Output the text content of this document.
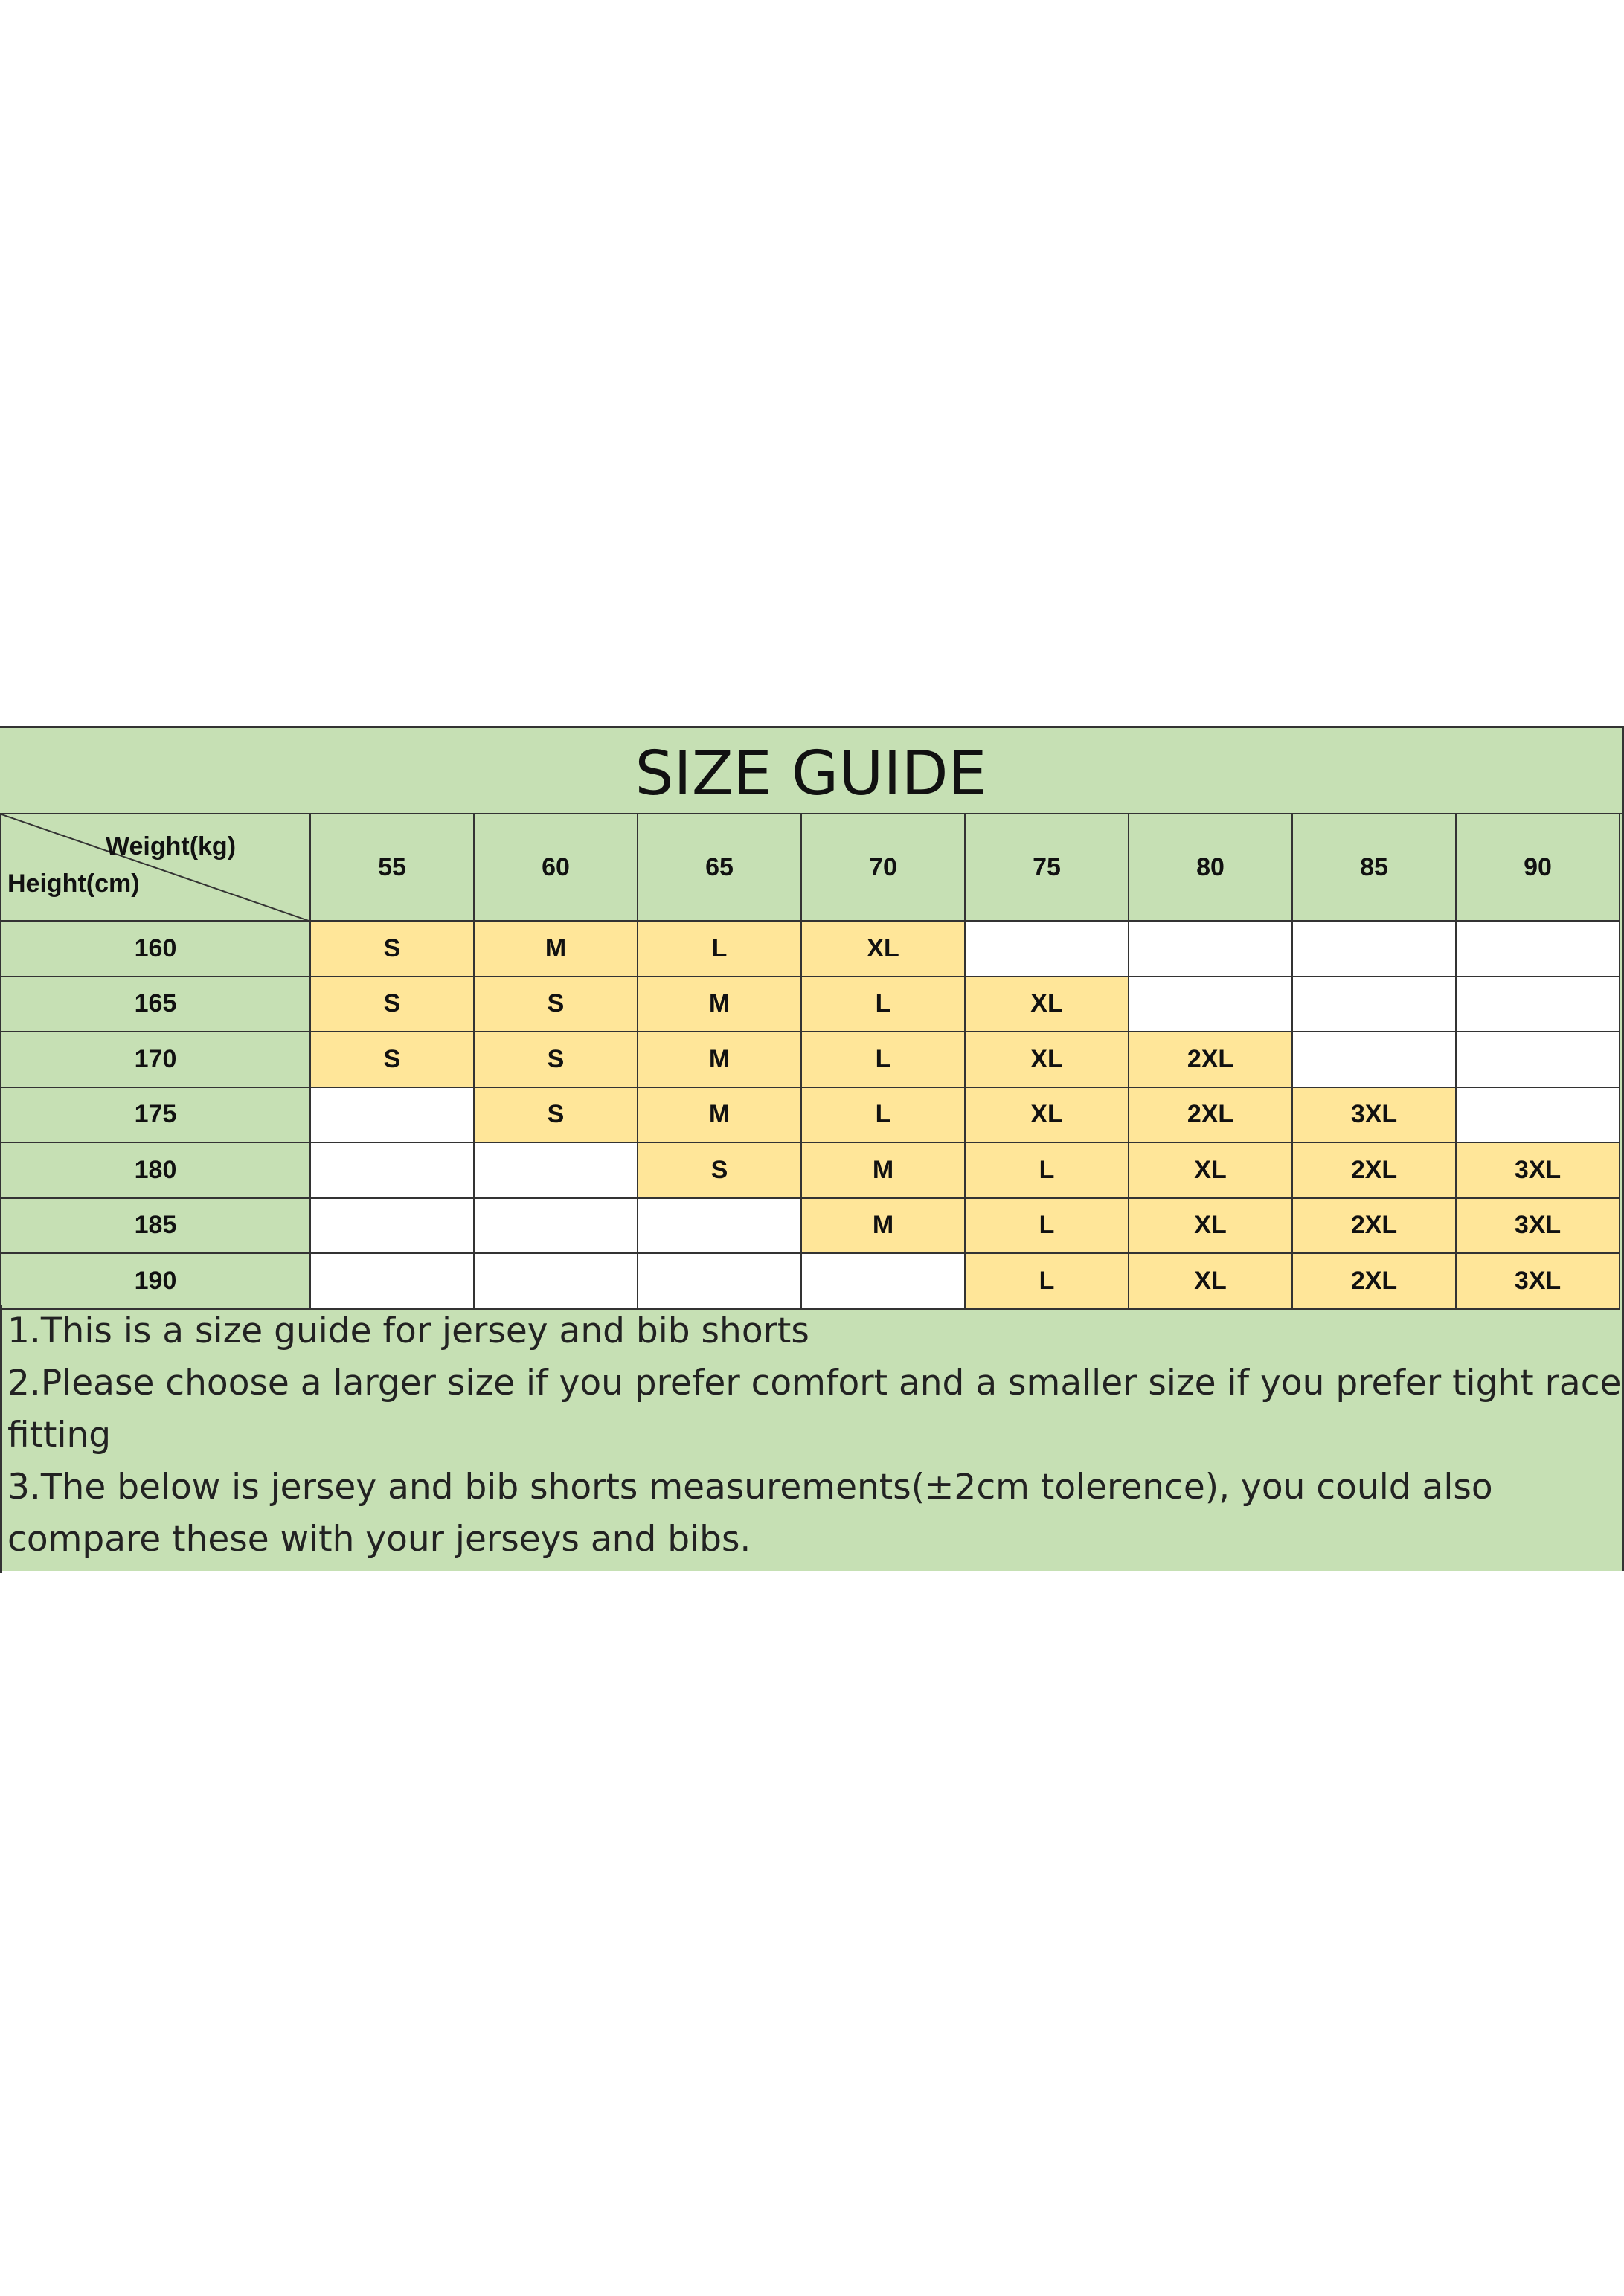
SIZE GUIDE
Weight(kg)
Height(cm)	55	60	65	70	75	80	85	90
160	S	M	L	XL				
165	S	S	M	L	XL			
170	S	S	M	L	XL	2XL		
175		S	M	L	XL	2XL	3XL	
180			S	M	L	XL	2XL	3XL
185				M	L	XL	2XL	3XL
190					L	XL	2XL	3XL

1.This is a size guide for jersey and bib shorts

2.Please choose a larger size if you prefer comfort and a smaller size if you prefer tight race fitting

3.The below is jersey and bib shorts measurements(±2cm tolerence), you could also compare these with your jerseys and bibs.
